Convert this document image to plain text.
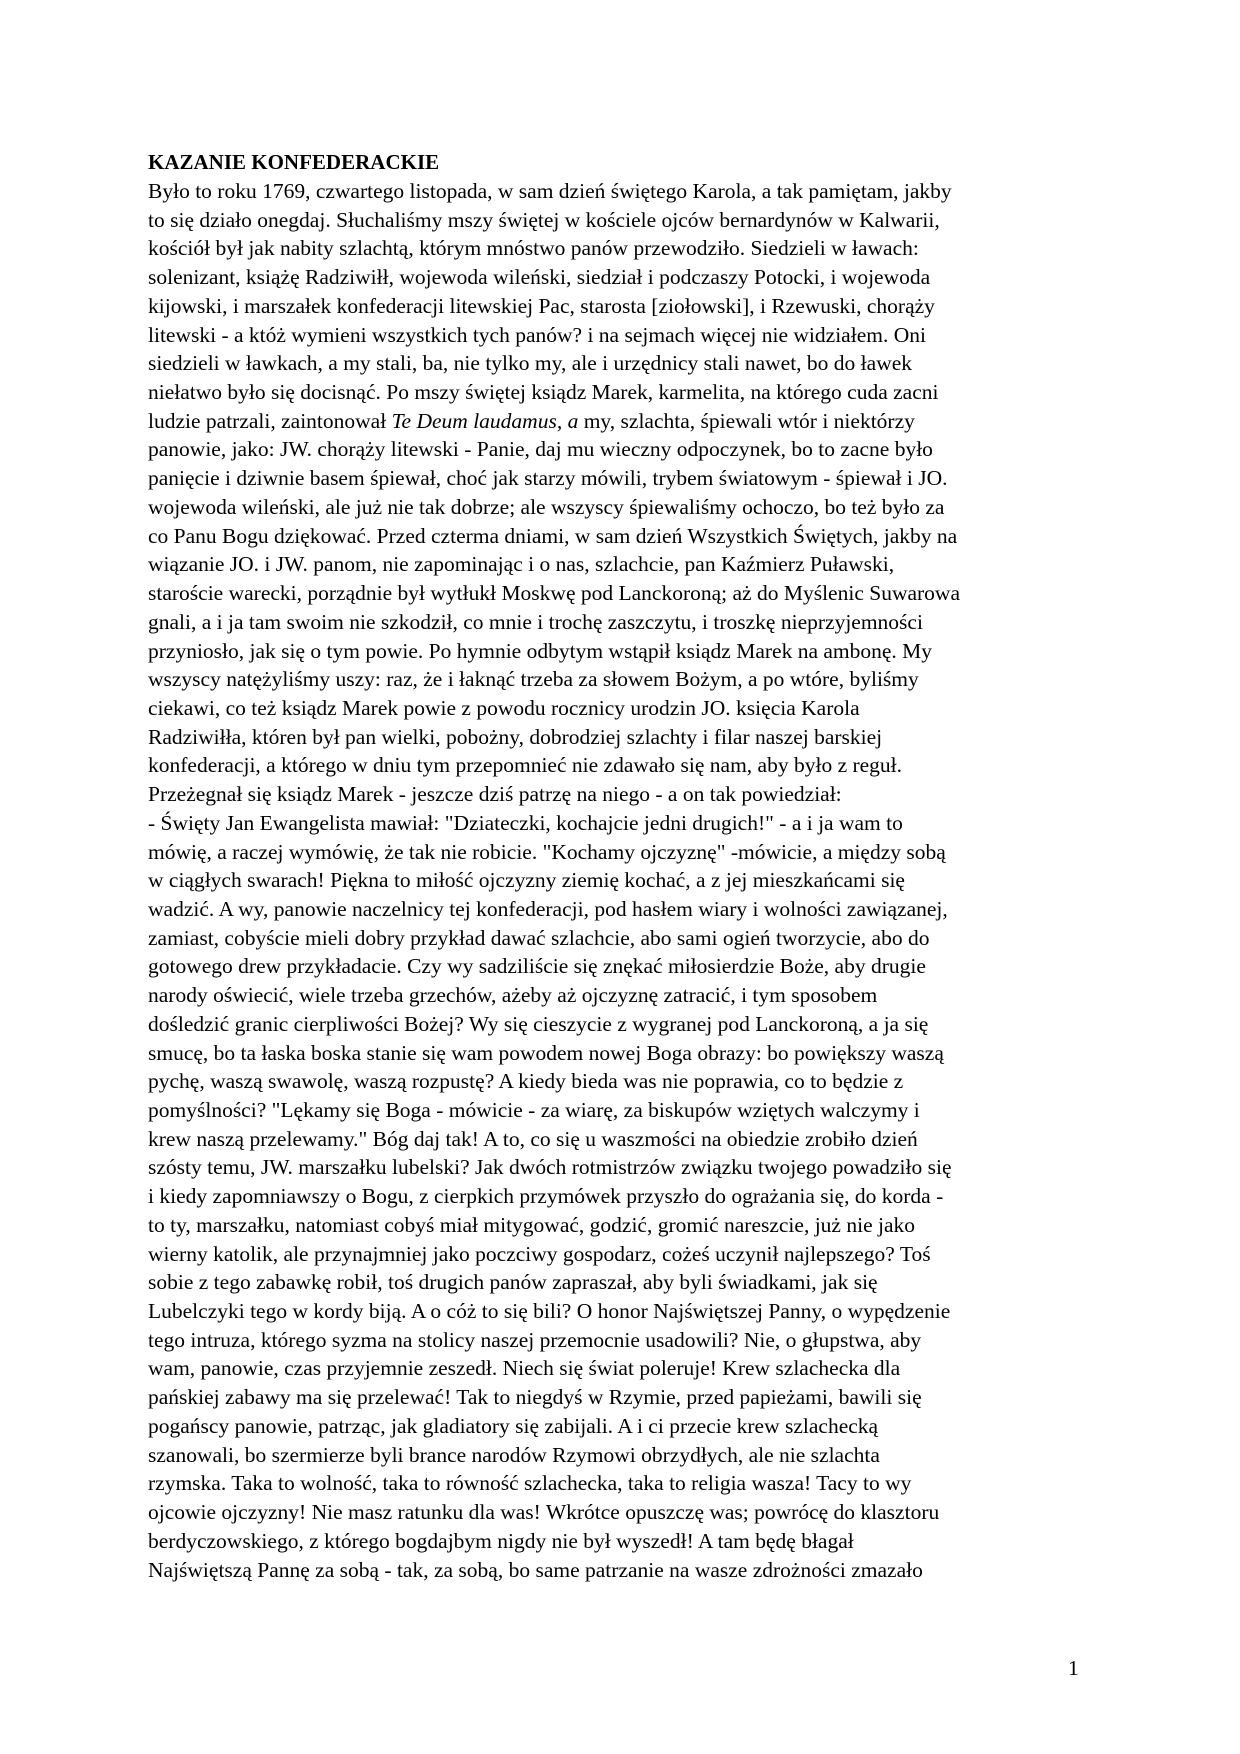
KAZANIE KONFEDERACKIE
Było to roku 1769, czwartego listopada, w sam dzień świętego Karola, a tak pamiętam, jakby
to się działo onegdaj. Słuchaliśmy mszy świętej w kościele ojców bernardynów w Kalwarii,
kościół był jak nabity szlachtą, którym mnóstwo panów przewodziło. Siedzieli w ławach:
solenizant, książę Radziwiłł, wojewoda wileński, siedział i podczaszy Potocki, i wojewoda
kijowski, i marszałek konfederacji litewskiej Pac, starosta [ziołowski], i Rzewuski, chorąży
litewski - a któż wymieni wszystkich tych panów? i na sejmach więcej nie widziałem. Oni
siedzieli w ławkach, a my stali, ba, nie tylko my, ale i urzędnicy stali nawet, bo do ławek
niełatwo było się docisnąć. Po mszy świętej ksiądz Marek, karmelita, na którego cuda zacni
ludzie patrzali, zaintonował Te Deum laudamus, a my, szlachta, śpiewali wtór i niektórzy
panowie, jako: JW. chorąży litewski - Panie, daj mu wieczny odpoczynek, bo to zacne było
panięcie i dziwnie basem śpiewał, choć jak starzy mówili, trybem światowym - śpiewał i JO.
wojewoda wileński, ale już nie tak dobrze; ale wszyscy śpiewaliśmy ochoczo, bo też było za
co Panu Bogu dziękować. Przed czterma dniami, w sam dzień Wszystkich Świętych, jakby na
wiązanie JO. i JW. panom, nie zapominając i o nas, szlachcie, pan Kaźmierz Puławski,
staroście warecki, porządnie był wytłukł Moskwę pod Lanckoroną; aż do Myślenic Suwarowa
gnali, a i ja tam swoim nie szkodził, co mnie i trochę zaszczytu, i troszkę nieprzyjemności
przyniosło, jak się o tym powie. Po hymnie odbytym wstąpił ksiądz Marek na ambonę. My
wszyscy natężyliśmy uszy: raz, że i łaknąć trzeba za słowem Bożym, a po wtóre, byliśmy
ciekawi, co też ksiądz Marek powie z powodu rocznicy urodzin JO. księcia Karola
Radziwiłła, któren był pan wielki, pobożny, dobrodziej szlachty i filar naszej barskiej
konfederacji, a którego w dniu tym przepomnieć nie zdawało się nam, aby było z reguł.
Przeżegnał się ksiądz Marek - jeszcze dziś patrzę na niego - a on tak powiedział:
- Święty Jan Ewangelista mawiał: "Dziateczki, kochajcie jedni drugich!" - a i ja wam to
mówię, a raczej wymówię, że tak nie robicie. "Kochamy ojczyznę" -mówicie, a między sobą
w ciągłych swarach! Piękna to miłość ojczyzny ziemię kochać, a z jej mieszkańcami się
wadzić. A wy, panowie naczelnicy tej konfederacji, pod hasłem wiary i wolności zawiązanej,
zamiast, cobyście mieli dobry przykład dawać szlachcie, abo sami ogień tworzycie, abo do
gotowego drew przykładacie. Czy wy sadziliście się znękać miłosierdzie Boże, aby drugie
narody oświecić, wiele trzeba grzechów, ażeby aż ojczyznę zatracić, i tym sposobem
dośledzić granic cierpliwości Bożej? Wy się cieszycie z wygranej pod Lanckoroną, a ja się
smucę, bo ta łaska boska stanie się wam powodem nowej Boga obrazy: bo powiększy waszą
pychę, waszą swawolę, waszą rozpustę? A kiedy bieda was nie poprawia, co to będzie z
pomyślności? "Lękamy się Boga - mówicie - za wiarę, za biskupów wziętych walczymy i
krew naszą przelewamy." Bóg daj tak! A to, co się u waszmości na obiedzie zrobiło dzień
szósty temu, JW. marszałku lubelski? Jak dwóch rotmistrzów związku twojego powadziło się
i kiedy zapomniawszy o Bogu, z cierpkich przymówek przyszło do ograżania się, do korda -
to ty, marszałku, natomiast cobyś miał mitygować, godzić, gromić nareszcie, już nie jako
wierny katolik, ale przynajmniej jako poczciwy gospodarz, cożeś uczynił najlepszego? Toś
sobie z tego zabawkę robił, toś drugich panów zapraszał, aby byli świadkami, jak się
Lubelczyki tego w kordy biją. A o cóż to się bili? O honor Najświętszej Panny, o wypędzenie
tego intruza, którego syzma na stolicy naszej przemocnie usadowili? Nie, o głupstwa, aby
wam, panowie, czas przyjemnie zeszedł. Niech się świat poleruje! Krew szlachecka dla
pańskiej zabawy ma się przelewać! Tak to niegdyś w Rzymie, przed papieżami, bawili się
pogańscy panowie, patrząc, jak gladiatory się zabijali. A i ci przecie krew szlachecką
szanowali, bo szermierze byli brance narodów Rzymowi obrzydłych, ale nie szlachta
rzymska. Taka to wolność, taka to równość szlachecka, taka to religia wasza! Tacy to wy
ojcowie ojczyzny! Nie masz ratunku dla was! Wkrótce opuszczę was; powrócę do klasztoru
berdyczowskiego, z którego bogdajbym nigdy nie był wyszedł! A tam będę błagał
Najświętszą Pannę za sobą - tak, za sobą, bo same patrzanie na wasze zdrożności zmazało
1
